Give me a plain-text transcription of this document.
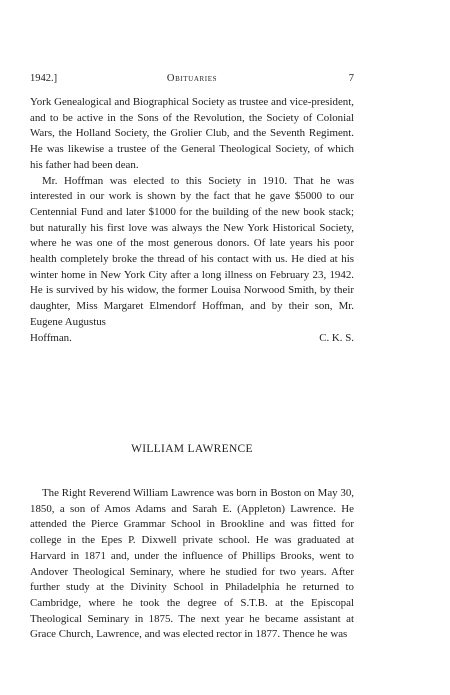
1942.]	Obituaries	7

York Genealogical and Biographical Society as trustee and vice-president, and to be active in the Sons of the Revolution, the Society of Colonial Wars, the Holland Society, the Grolier Club, and the Seventh Regiment. He was likewise a trustee of the General Theological Society, of which his father had been dean.

Mr. Hoffman was elected to this Society in 1910. That he was interested in our work is shown by the fact that he gave $5000 to our Centennial Fund and later $1000 for the building of the new book stack; but naturally his first love was always the New York Historical Society, where he was one of the most generous donors. Of late years his poor health completely broke the thread of his contact with us. He died at his winter home in New York City after a long illness on February 23, 1942. He is survived by his widow, the former Louisa Norwood Smith, by their daughter, Miss Margaret Elmendorf Hoffman, and by their son, Mr. Eugene Augustus

Hoffman.	C. K. S.

WILLIAM LAWRENCE

The Right Reverend William Lawrence was born in Boston on May 30, 1850, a son of Amos Adams and Sarah E. (Appleton) Lawrence. He attended the Pierce Grammar School in Brookline and was fitted for college in the Epes P. Dixwell private school. He was graduated at Harvard in 1871 and, under the influence of Phillips Brooks, went to Andover Theological Seminary, where he studied for two years. After further study at the Divinity School in Philadelphia he returned to Cambridge, where he took the degree of S.T.B. at the Episcopal Theological Seminary in 1875. The next year he became assistant at Grace Church, Lawrence, and was elected rector in 1877. Thence he was
